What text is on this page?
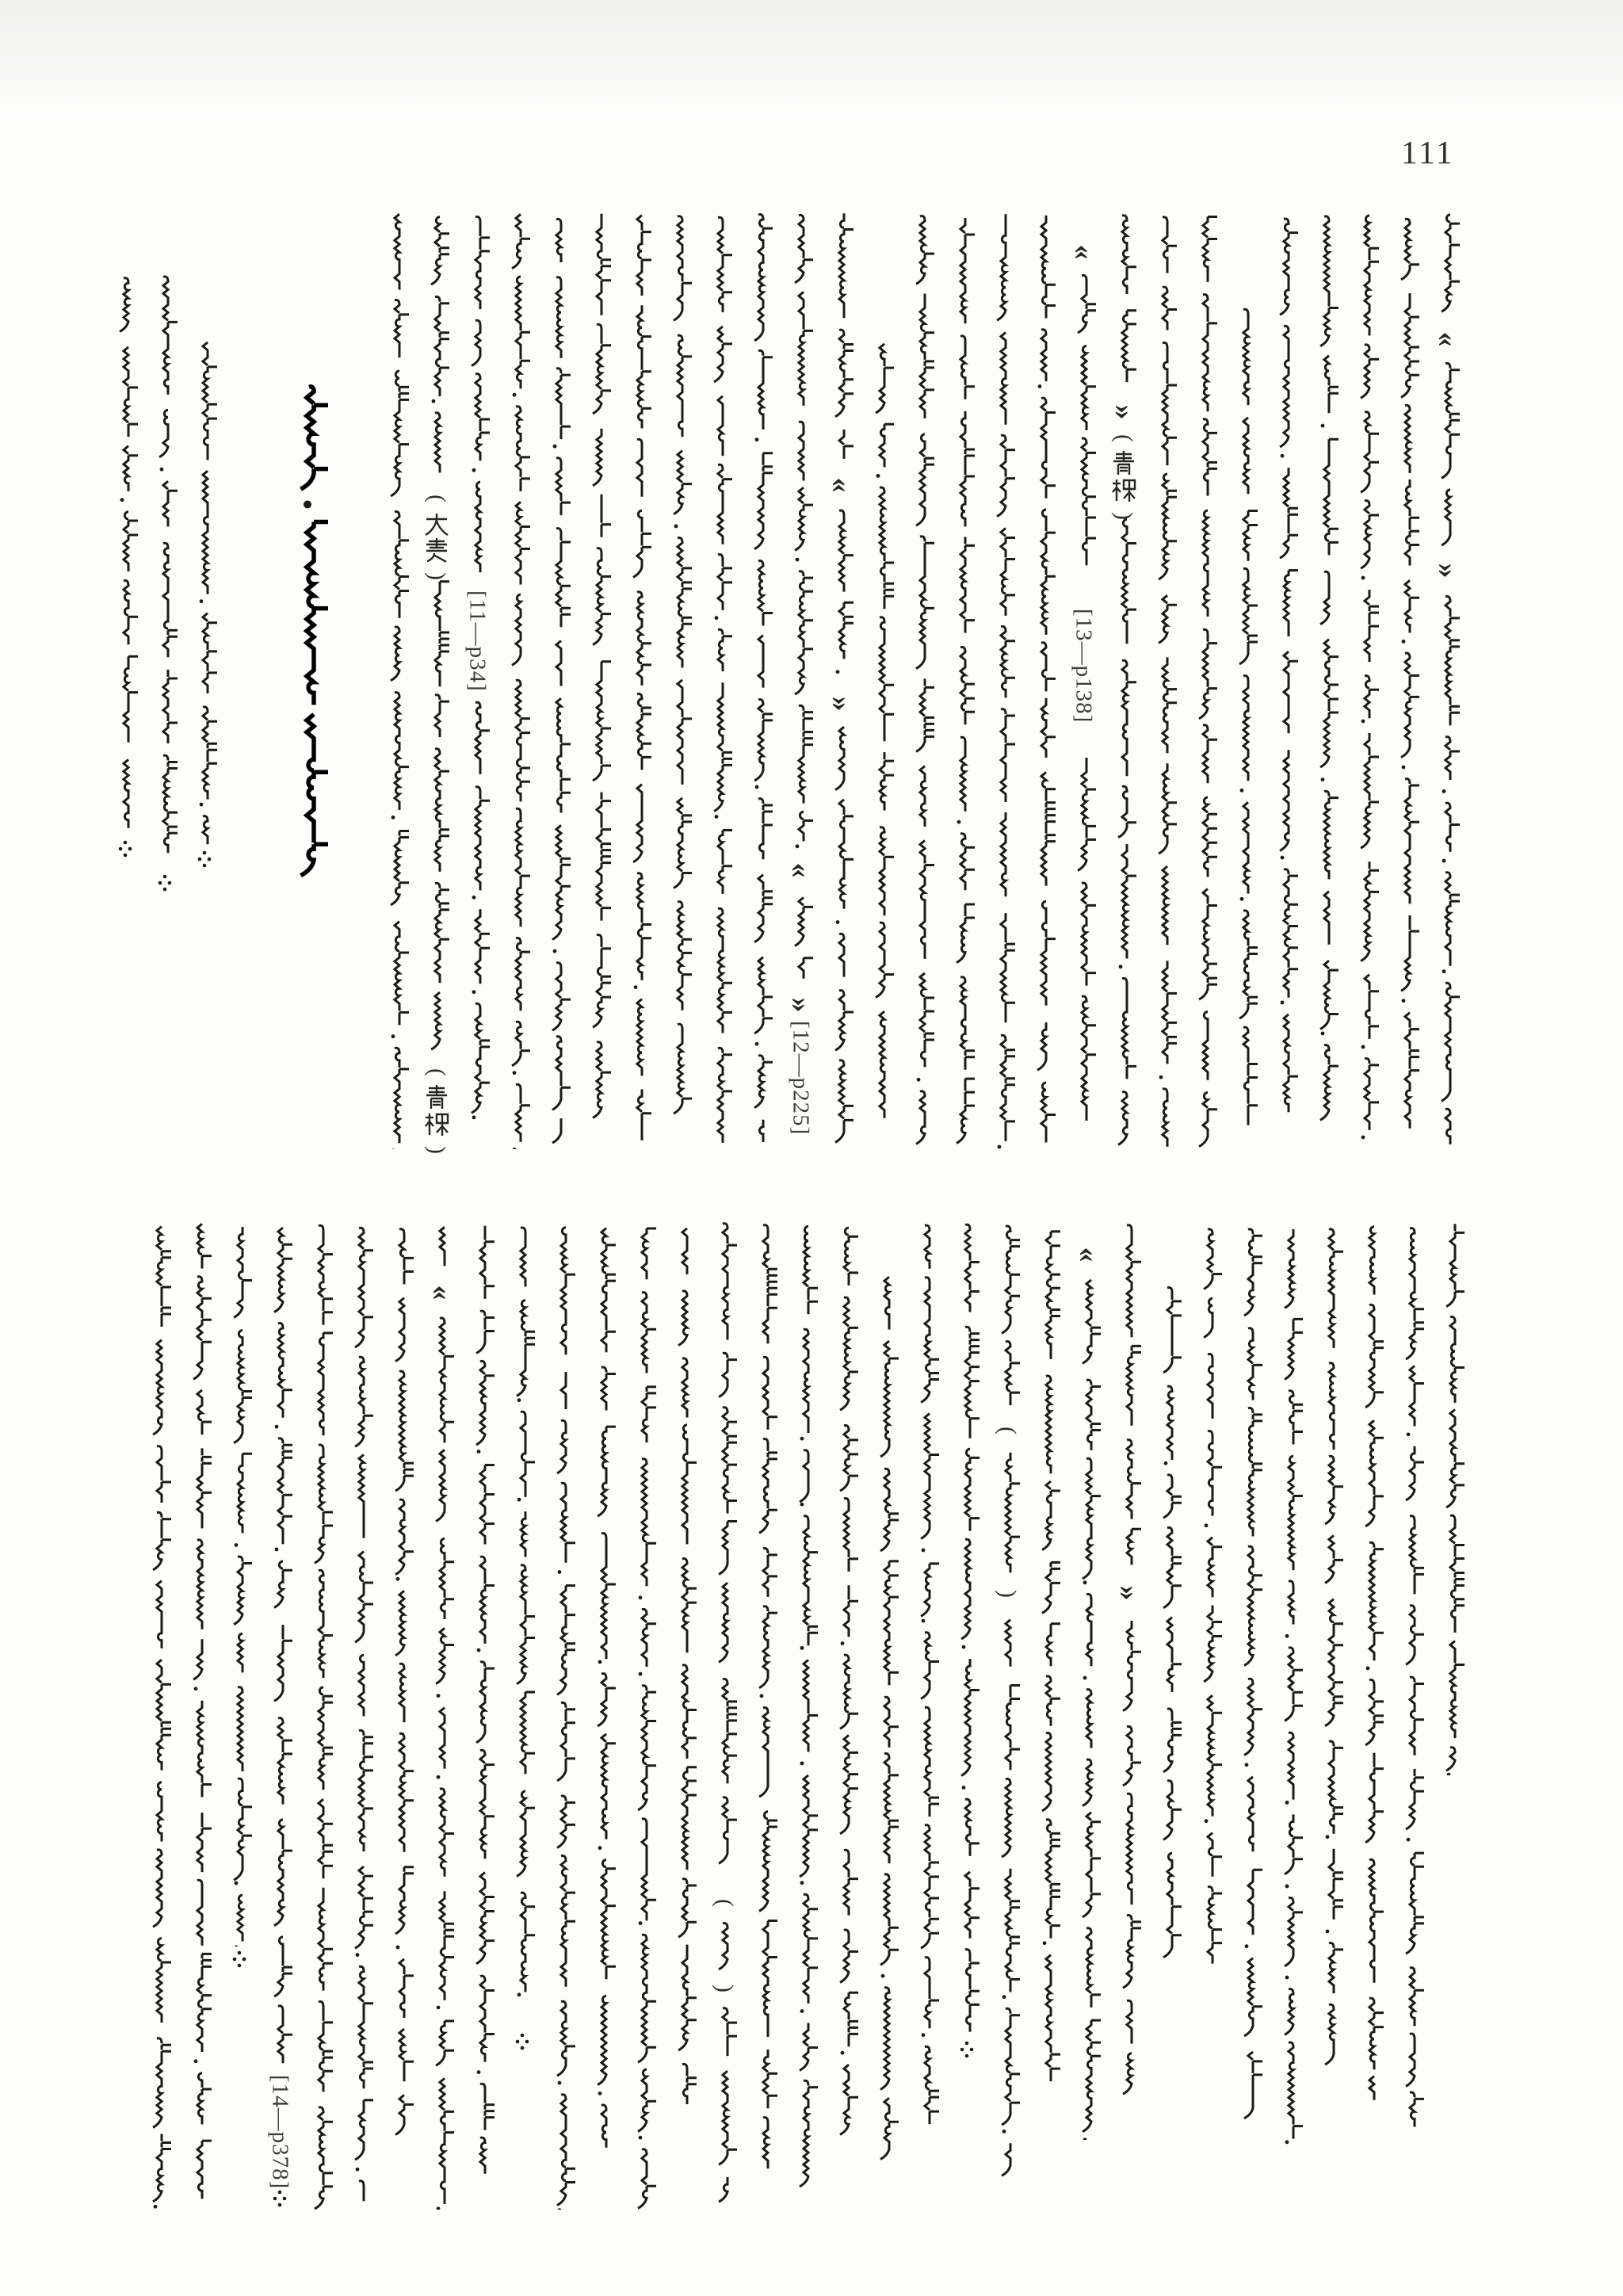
111
(
)
(
)
[11—p34]
«
»
[12—p225]
«
»
«
[13—p138]
»
(
)
«
»
[14—p378]
«
(
)
(
)
«
»
